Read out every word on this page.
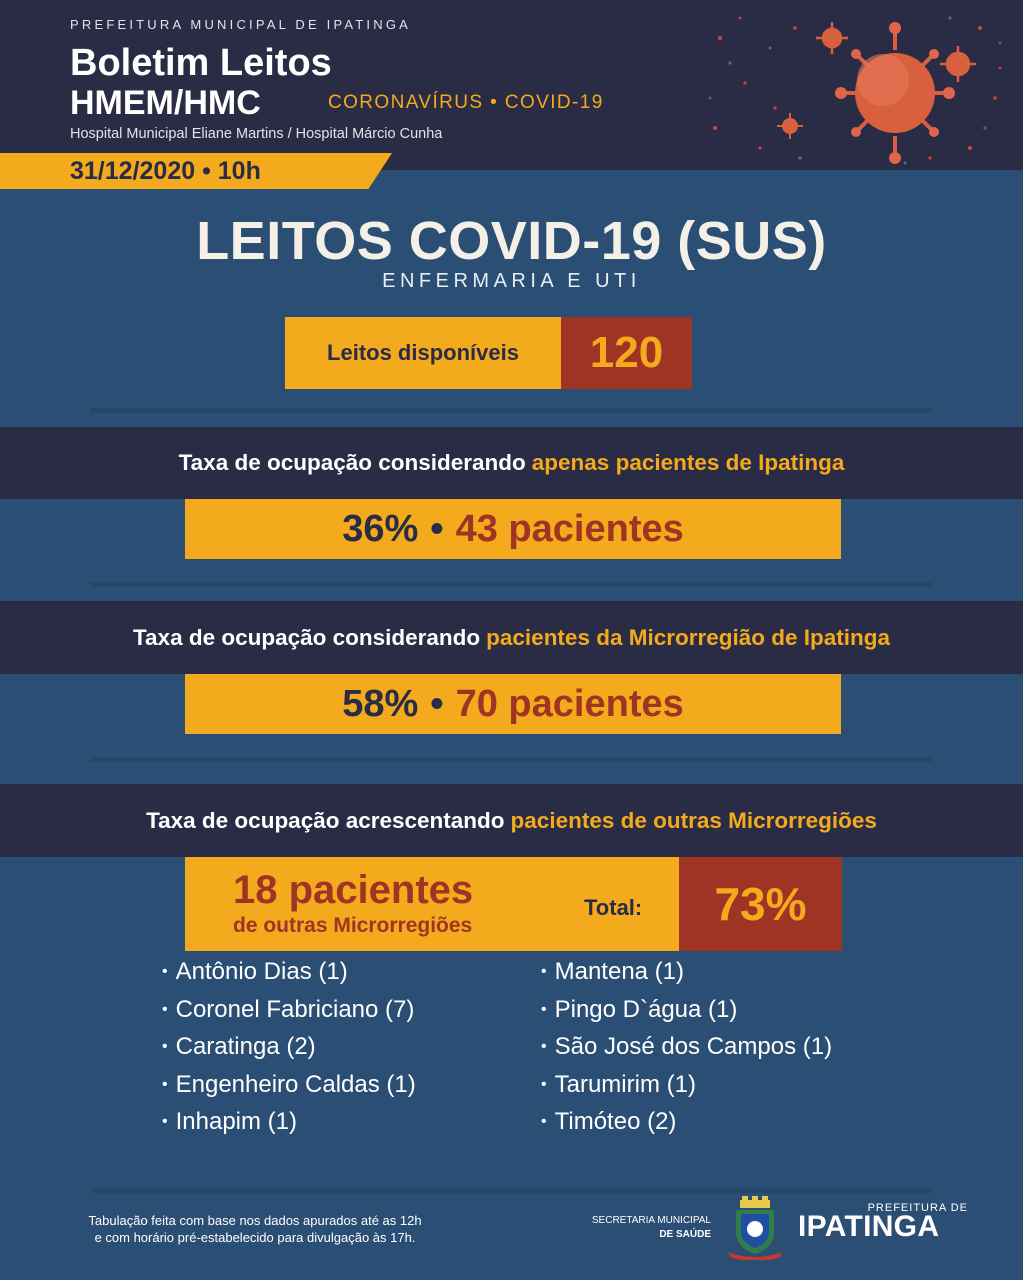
PREFEITURA MUNICIPAL DE IPATINGA
Boletim Leitos
HMEM/HMC	CORONAVÍRUS • COVID-19
Hospital Municipal Eliane Martins / Hospital Márcio Cunha
31/12/2020 • 10h
LEITOS COVID-19 (SUS)
ENFERMARIA E UTI
Leitos disponíveis	120
Taxa de ocupação considerando apenas pacientes de Ipatinga
36% • 43 pacientes
Taxa de ocupação considerando pacientes da Microrregião de Ipatinga
58% • 70 pacientes
Taxa de ocupação acrescentando pacientes de outras Microrregiões
18 pacientes
de outras Microrregiões
Total:	73%
• Antônio Dias (1)
• Coronel Fabriciano (7)
• Caratinga (2)
• Engenheiro Caldas (1)
• Inhapim (1)
• Mantena (1)
• Pingo D`água (1)
• São José dos Campos (1)
• Tarumirim (1)
• Timóteo (2)
Tabulação feita com base nos dados apurados até as 12h
e com horário pré-estabelecido para divulgação às 17h.
SECRETARIA MUNICIPAL
DE SAÚDE
PREFEITURA DE
IPATINGA
